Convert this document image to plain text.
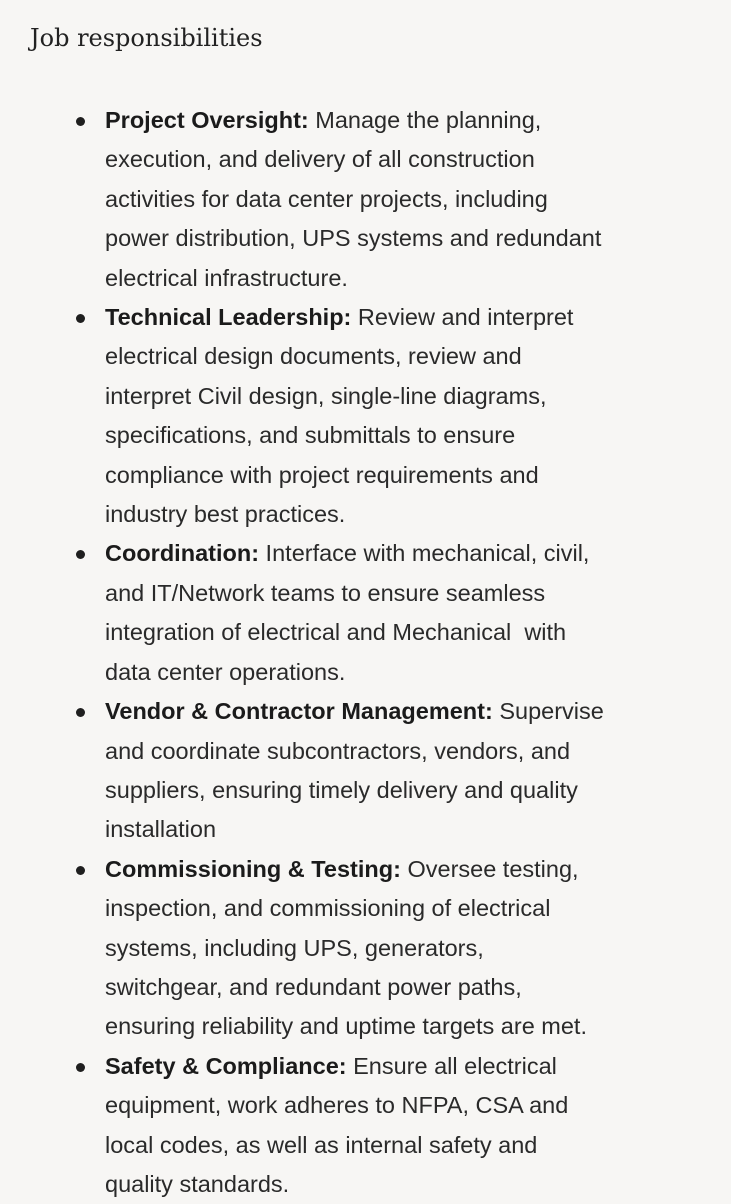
Job responsibilities
Project Oversight: Manage the planning,
execution, and delivery of all construction
activities for data center projects, including
power distribution, UPS systems and redundant
electrical infrastructure.
Technical Leadership: Review and interpret
electrical design documents, review and
interpret Civil design, single-line diagrams,
specifications, and submittals to ensure
compliance with project requirements and
industry best practices.
Coordination: Interface with mechanical, civil,
and IT/Network teams to ensure seamless
integration of electrical and Mechanical  with
data center operations.
Vendor & Contractor Management: Supervise
and coordinate subcontractors, vendors, and
suppliers, ensuring timely delivery and quality
installation
Commissioning & Testing: Oversee testing,
inspection, and commissioning of electrical
systems, including UPS, generators,
switchgear, and redundant power paths,
ensuring reliability and uptime targets are met.
Safety & Compliance: Ensure all electrical
equipment, work adheres to NFPA, CSA and
local codes, as well as internal safety and
quality standards.
